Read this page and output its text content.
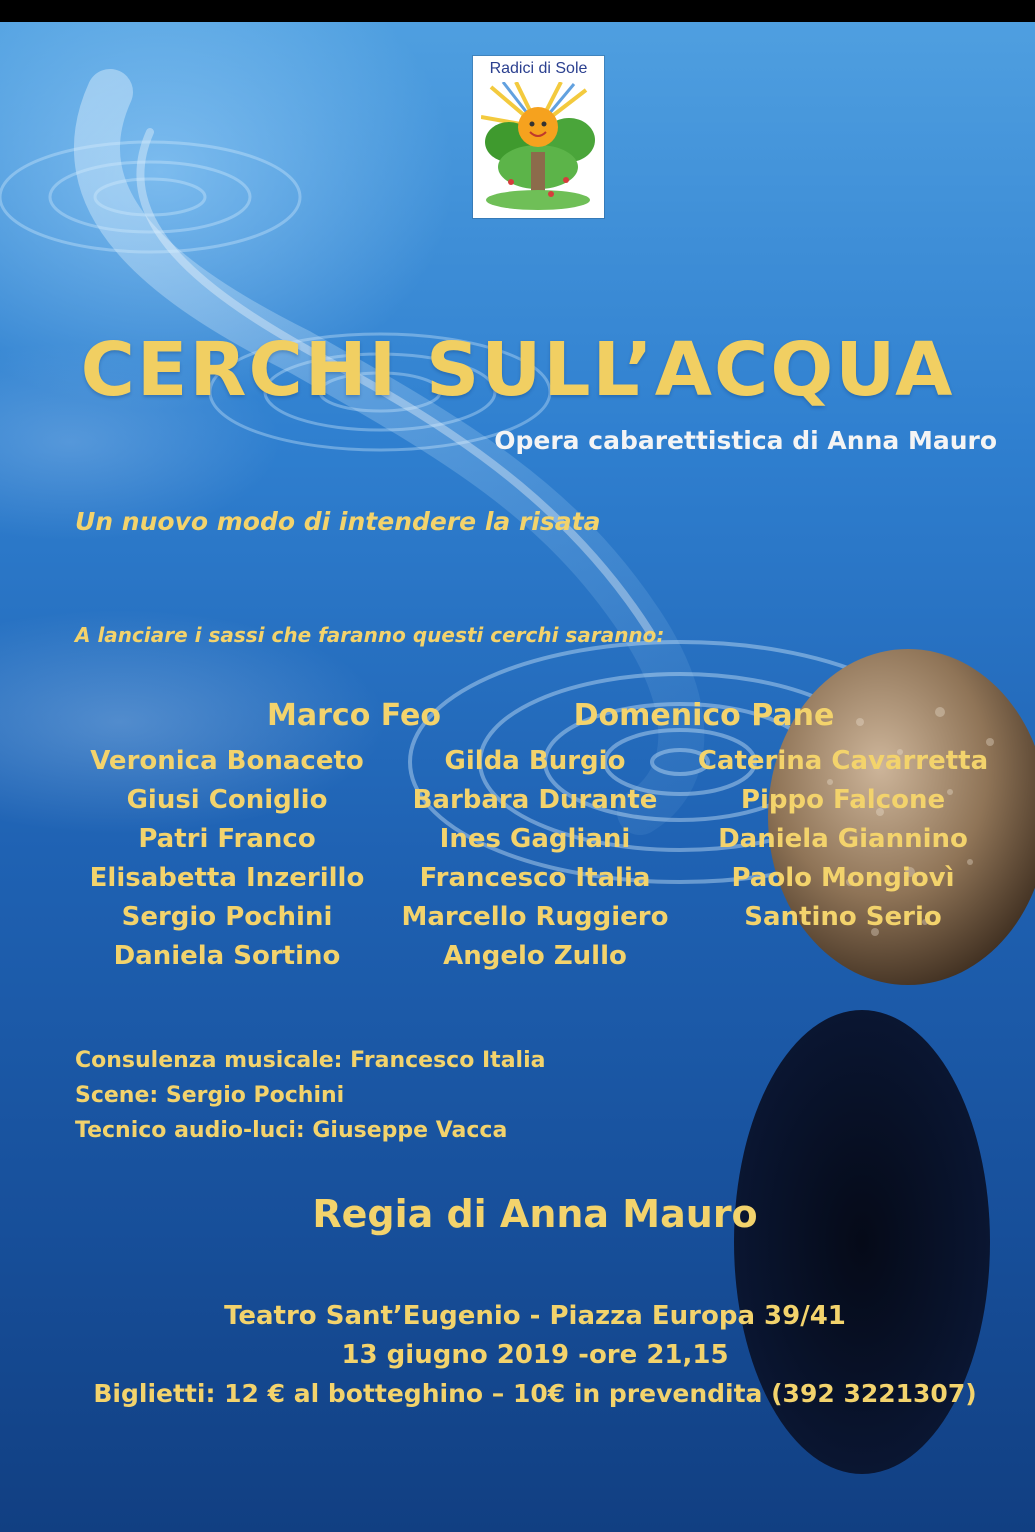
Radici di Sole
CERCHI SULL’ACQUA
Opera cabarettistica di Anna Mauro
Un nuovo modo di intendere la risata
A lanciare i sassi che faranno questi cerchi saranno:
Marco Feo	Domenico Pane
Veronica Bonaceto
Giusi Coniglio
Patri Franco
Elisabetta Inzerillo
Sergio Pochini
Daniela Sortino
Gilda Burgio
Barbara Durante
Ines Gagliani
Francesco Italia
Marcello Ruggiero
Angelo Zullo
Caterina Cavarretta
Pippo Falcone
Daniela Giannino
Paolo Mongiovì
Santino Serio
Consulenza musicale: Francesco Italia
Scene: Sergio Pochini
Tecnico audio-luci: Giuseppe Vacca
Regia di Anna Mauro
Teatro Sant’Eugenio - Piazza Europa 39/41
13 giugno 2019 -ore 21,15
Biglietti: 12 € al botteghino – 10€ in prevendita (392 3221307)
